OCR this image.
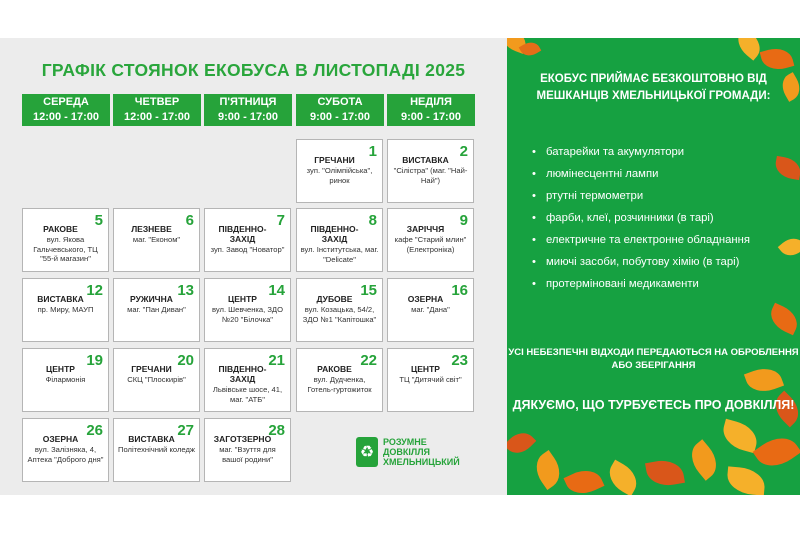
ГРАФІК СТОЯНОК ЕКОБУСА В ЛИСТОПАДІ 2025
СЕРЕДА
12:00 - 17:00
ЧЕТВЕР
12:00 - 17:00
П'ЯТНИЦЯ
9:00 - 17:00
СУБОТА
9:00 - 17:00
НЕДІЛЯ
9:00 - 17:00
1
ГРЕЧАНИ
зуп. "Олімпійська", ринок
2
ВИСТАВКА
"Сілістра" (маг. "Най-Най")
5
РАКОВЕ
вул. Якова Гальчевського, ТЦ "55-й магазин"
6
ЛЕЗНЕВЕ
маг. "Економ"
7
ПІВДЕННО-ЗАХІД
зуп. Завод "Новатор"
8
ПІВДЕННО-ЗАХІД
вул. Інститутська, маг. "Delicate"
9
ЗАРІЧЧЯ
кафе "Старий млин" (Електроніка)
12
ВИСТАВКА
пр. Миру, МАУП
13
РУЖИЧНА
маг. "Пан Диван"
14
ЦЕНТР
вул. Шевченка, ЗДО №20 "Білочка"
15
ДУБОВЕ
вул. Козацька, 54/2, ЗДО №1 "Капітошка"
16
ОЗЕРНА
маг. "Дана"
19
ЦЕНТР
Філармонія
20
ГРЕЧАНИ
СКЦ "Плоскирів"
21
ПІВДЕННО-ЗАХІД
Львівське шосе, 41, маг. "АТБ"
22
РАКОВЕ
вул. Дудченка, Готель-гуртожиток
23
ЦЕНТР
ТЦ "Дитячий світ"
26
ОЗЕРНА
вул. Залізняка, 4, Аптека "Доброго дня"
27
ВИСТАВКА
Політехнічний коледж
28
ЗАГОТЗЕРНО
маг. "Взуття для вашої родини"	♻
РОЗУМНЕ
ДОВКІЛЛЯ
ХМЕЛЬНИЦЬКИЙ
ЕКОБУС ПРИЙМАЄ БЕЗКОШТОВНО ВІД МЕШКАНЦІВ ХМЕЛЬНИЦЬКОЇ ГРОМАДИ:
• батарейки та акумулятори
• люмінесцентні лампи
• ртутні термометри
• фарби, клеї, розчинники (в тарі)
• електричне та електронне обладнання
• миючі засоби, побутову хімію (в тарі)
• протерміновані медикаменти
УСІ НЕБЕЗПЕЧНІ ВІДХОДИ ПЕРЕДАЮТЬСЯ НА ОБРОБЛЕННЯ АБО ЗБЕРІГАННЯ
ДЯКУЄМО, ЩО ТУРБУЄТЕСЬ ПРО ДОВКІЛЛЯ!
